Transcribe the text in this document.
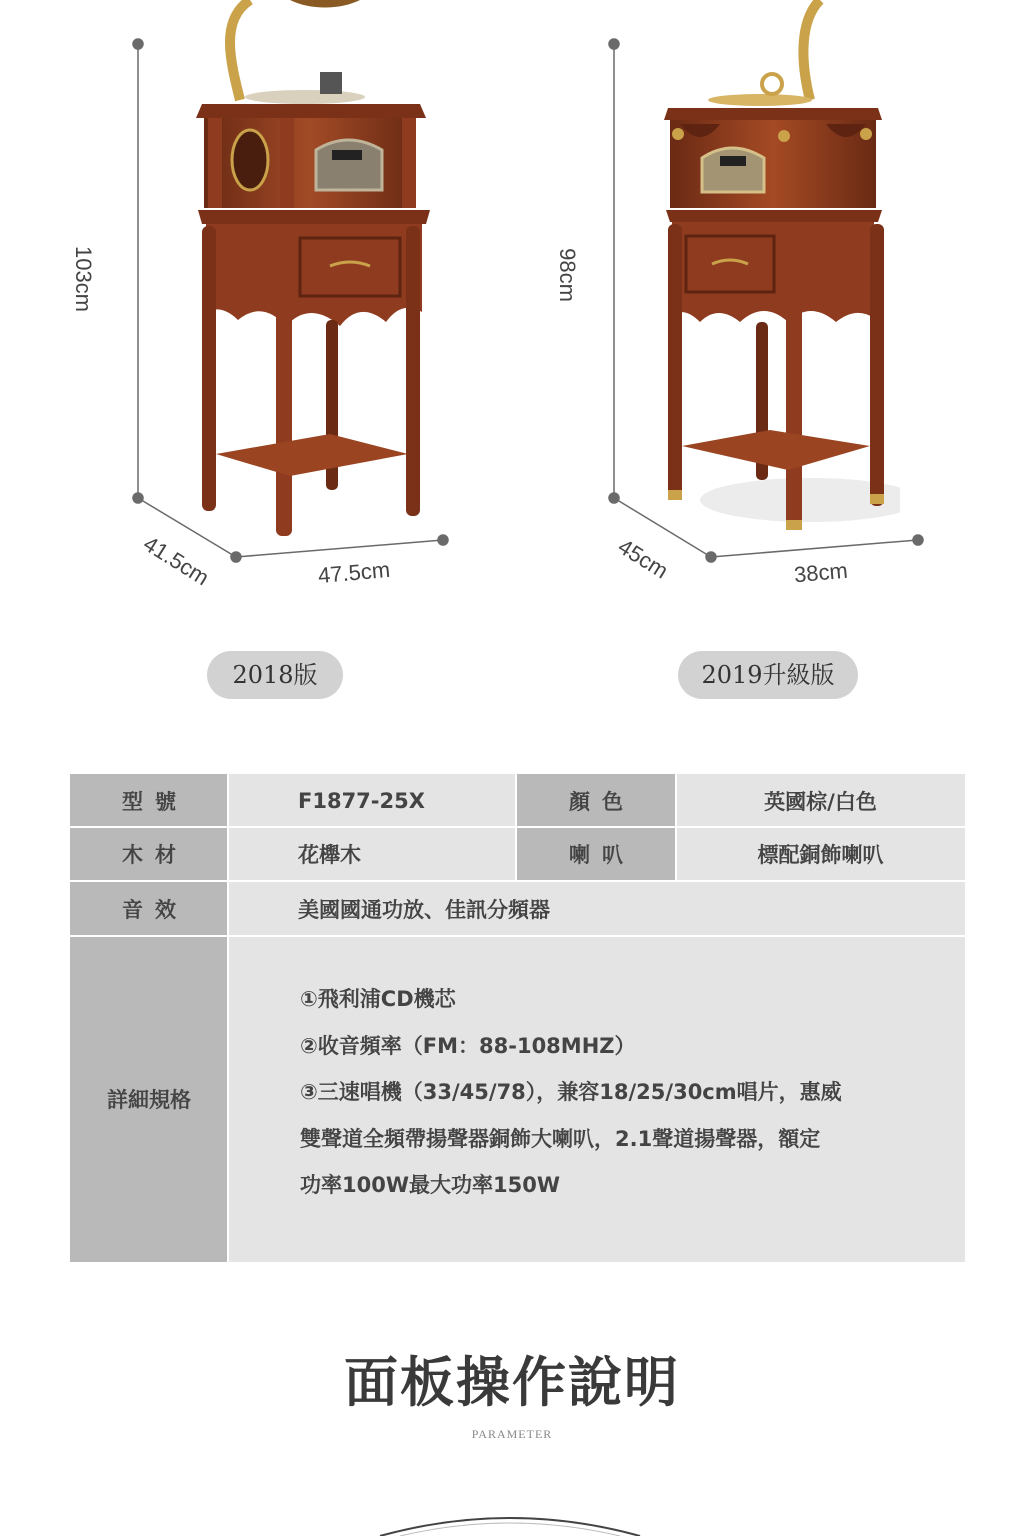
103cm
41.5cm	47.5cm
98cm
45cm	38cm
2018版	2019升級版
型號	F1877-25X	顏色	英國棕/白色
木材	花櫸木	喇叭	標配銅飾喇叭
音效	美國國通功放、佳訊分頻器
詳細規格
①飛利浦CD機芯
②收音頻率（FM：88-108MHZ）
③三速唱機（33/45/78），兼容18/25/30cm唱片，惠威
雙聲道全頻帶揚聲器銅飾大喇叭，2.1聲道揚聲器，額定
功率100W最大功率150W
面板操作說明
PARAMETER
